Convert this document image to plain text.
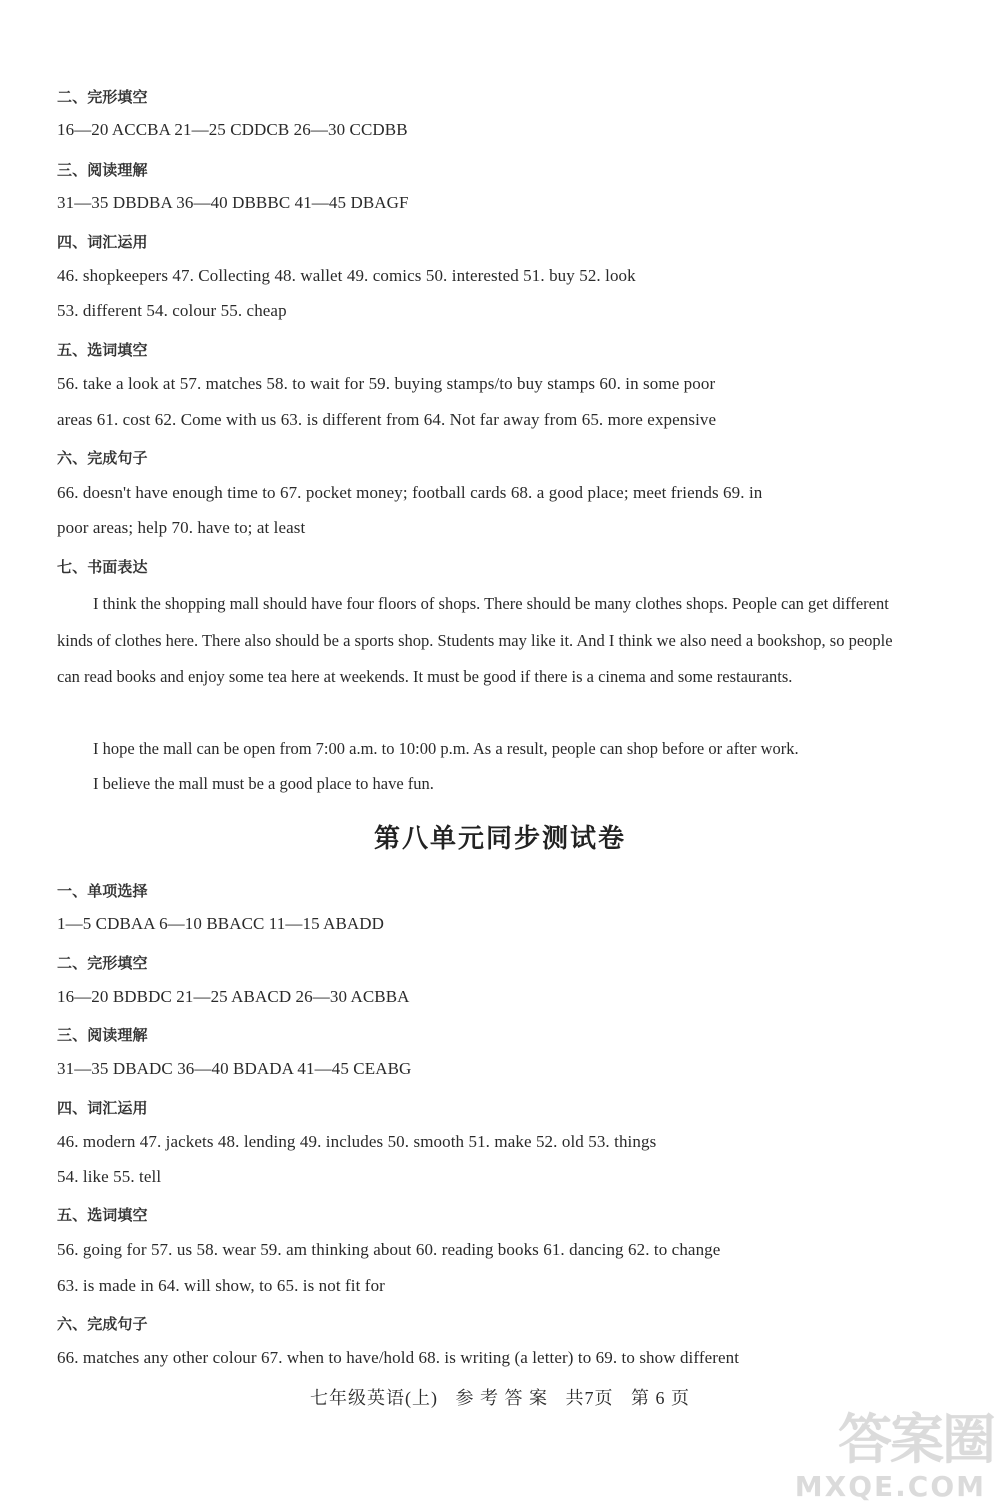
二、完形填空
16—20 ACCBA 21—25 CDDCB 26—30 CCDBB
三、阅读理解
31—35 DBDBA 36—40 DBBBC 41—45 DBAGF
四、词汇运用
46. shopkeepers 47. Collecting 48. wallet 49. comics 50. interested 51. buy 52. look
53. different 54. colour 55. cheap
五、选词填空
56. take a look at 57. matches 58. to wait for 59. buying stamps/to buy stamps 60. in some poor
areas 61. cost 62. Come with us 63. is different from 64. Not far away from 65. more expensive
六、完成句子
66. doesn't have enough time to 67. pocket money; football cards 68. a good place; meet friends 69. in
poor areas; help 70. have to; at least
七、书面表达
I think the shopping mall should have four floors of shops. There should be many clothes shops. People can get different kinds of clothes here. There also should be a sports shop. Students may like it. And I think we also need a bookshop, so people can read books and enjoy some tea here at weekends. It must be good if there is a cinema and some restaurants.
I hope the mall can be open from 7:00 a.m. to 10:00 p.m. As a result, people can shop before or after work.
I believe the mall must be a good place to have fun.
第八单元同步测试卷
一、单项选择
1—5 CDBAA 6—10 BBACC 11—15 ABADD
二、完形填空
16—20 BDBDC 21—25 ABACD 26—30 ACBBA
三、阅读理解
31—35 DBADC 36—40 BDADA 41—45 CEABG
四、词汇运用
46. modern 47. jackets 48. lending 49. includes 50. smooth 51. make 52. old 53. things
54. like 55. tell
五、选词填空
56. going for 57. us 58. wear 59. am thinking about 60. reading books 61. dancing 62. to change
63. is made in 64. will show, to 65. is not fit for
六、完成句子
66. matches any other colour 67. when to have/hold 68. is writing (a letter) to 69. to show different
七年级英语(上) 参 考 答 案 共7页 第 6 页
答案圈
MXQE.COM
